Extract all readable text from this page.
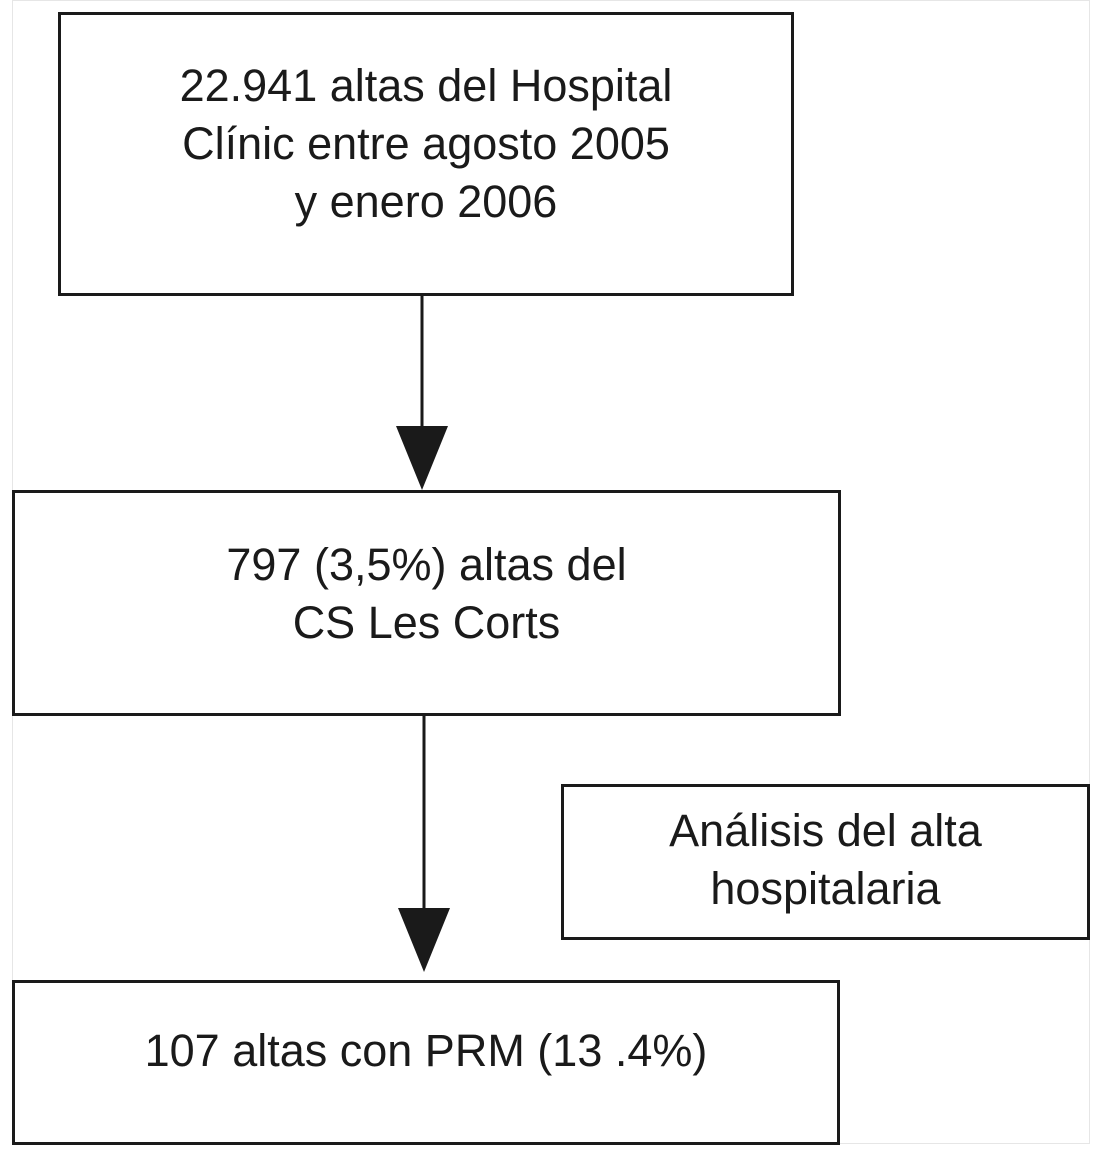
22.941 altas del Hospital
Clínic entre agosto 2005
y enero 2006
797 (3,5%) altas del
CS Les Corts
Análisis del alta
hospitalaria
107 altas con PRM (13 .4%)
